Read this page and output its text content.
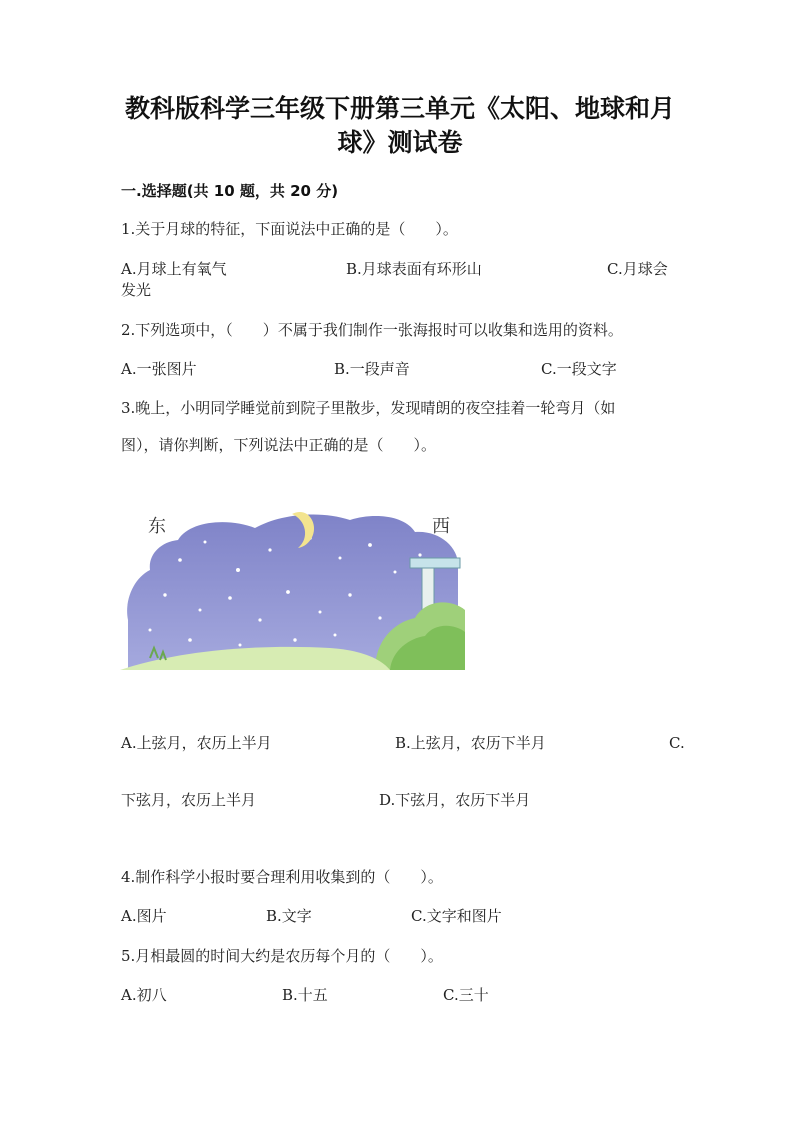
教科版科学三年级下册第三单元《太阳、地球和月
球》测试卷
一.选择题(共 10 题，共 20 分)
1.关于月球的特征，下面说法中正确的是（　　）。
A.月球上有氧气	B.月球表面有环形山	C.月球会
发光
2.下列选项中，（　　）不属于我们制作一张海报时可以收集和选用的资料。
A.一张图片	B.一段声音	C.一段文字
3.晚上，小明同学睡觉前到院子里散步，发现晴朗的夜空挂着一轮弯月（如
图），请你判断，下列说法中正确的是（　　）。
东	西
A.上弦月，农历上半月	B.上弦月，农历下半月	C.
下弦月，农历上半月	D.下弦月，农历下半月
4.制作科学小报时要合理利用收集到的（　　）。
A.图片	B.文字	C.文字和图片
5.月相最圆的时间大约是农历每个月的（　　）。
A.初八	B.十五	C.三十
